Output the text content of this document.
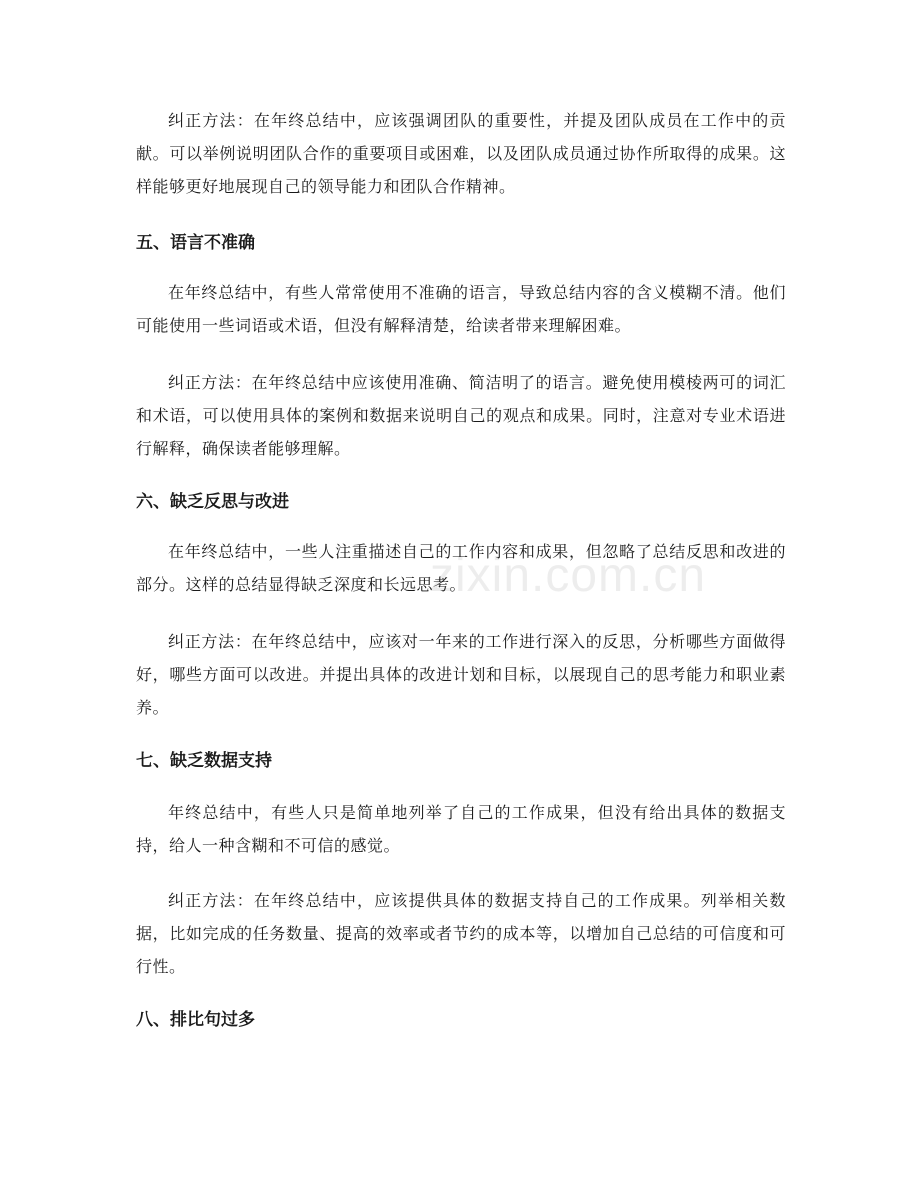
zixin.com.cn

纠正方法：在年终总结中，应该强调团队的重要性，并提及团队成员在工作中的贡献。可以举例说明团队合作的重要项目或困难，以及团队成员通过协作所取得的成果。这样能够更好地展现自己的领导能力和团队合作精神。

五、语言不准确

在年终总结中，有些人常常使用不准确的语言，导致总结内容的含义模糊不清。他们可能使用一些词语或术语，但没有解释清楚，给读者带来理解困难。

纠正方法：在年终总结中应该使用准确、简洁明了的语言。避免使用模棱两可的词汇和术语，可以使用具体的案例和数据来说明自己的观点和成果。同时，注意对专业术语进行解释，确保读者能够理解。

六、缺乏反思与改进

在年终总结中，一些人注重描述自己的工作内容和成果，但忽略了总结反思和改进的部分。这样的总结显得缺乏深度和长远思考。

纠正方法：在年终总结中，应该对一年来的工作进行深入的反思，分析哪些方面做得好，哪些方面可以改进。并提出具体的改进计划和目标，以展现自己的思考能力和职业素养。

七、缺乏数据支持

年终总结中，有些人只是简单地列举了自己的工作成果，但没有给出具体的数据支持，给人一种含糊和不可信的感觉。

纠正方法：在年终总结中，应该提供具体的数据支持自己的工作成果。列举相关数据，比如完成的任务数量、提高的效率或者节约的成本等，以增加自己总结的可信度和可行性。

八、排比句过多
